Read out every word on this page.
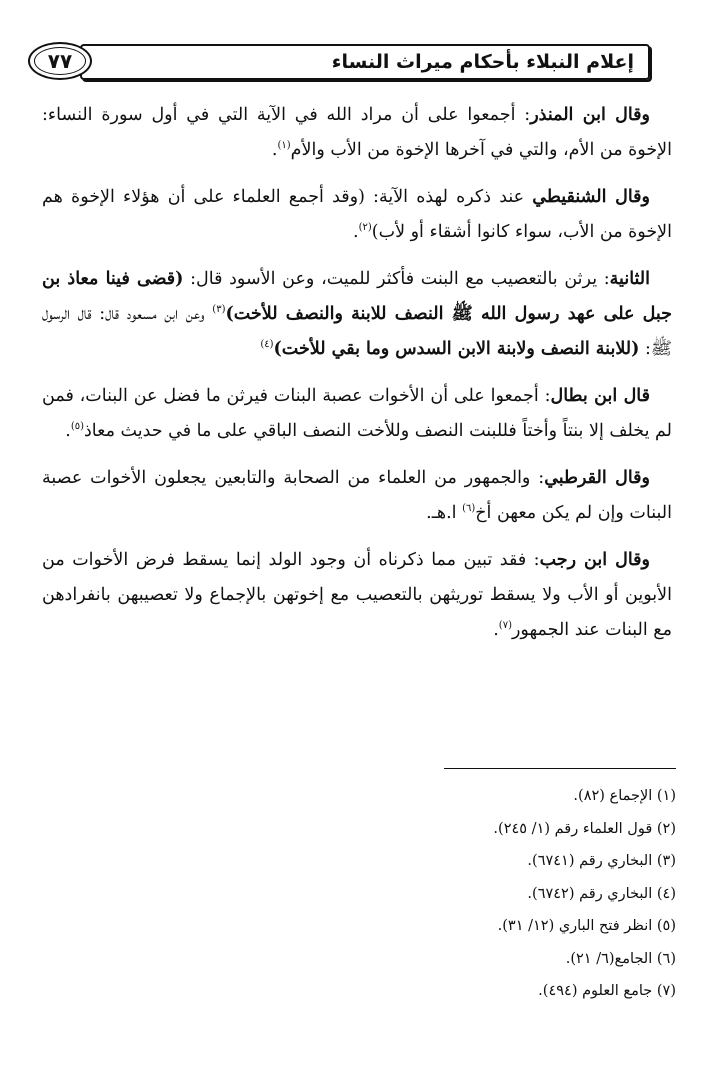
إعلام النبلاء بأحكام ميراث النساء
٧٧

وقال ابن المنذر: أجمعوا على أن مراد الله في الآية التي في أول سورة النساء: الإخوة من الأم، والتي في آخرها الإخوة من الأب والأم$^{(١)}$.

وقال الشنقيطي عند ذكره لهذه الآية: (وقد أجمع العلماء على أن هؤلاء الإخوة هم الإخوة من الأب، سواء كانوا أشقاء أو لأب)$^{(٢)}$.

الثانية: يرثن بالتعصيب مع البنت فأكثر للميت، وعن الأسود قال: (قضى فينا معاذ بن جبل على عهد رسول الله ﷺ النصف للابنة والنصف للأخت)$^{(٣)}$ وعن ابن مسعود قال: قال الرسول ﷺ: (للابنة النصف ولابنة الابن السدس وما بقي للأخت)$^{(٤)}$

قال ابن بطال: أجمعوا على أن الأخوات عصبة البنات فيرثن ما فضل عن البنات، فمن لم يخلف إلا بنتاً وأختاً فللبنت النصف وللأخت النصف الباقي على ما في حديث معاذ$^{(٥)}$.

وقال القرطبي: والجمهور من العلماء من الصحابة والتابعين يجعلون الأخوات عصبة البنات وإن لم يكن معهن أخ$^{(٦)}$ ا.هـ.

وقال ابن رجب: فقد تبين مما ذكرناه أن وجود الولد إنما يسقط فرض الأخوات من الأبوين أو الأب ولا يسقط توريثهن بالتعصيب مع إخوتهن بالإجماع ولا تعصيبهن بانفرادهن مع البنات عند الجمهور$^{(٧)}$.

(١) الإجماع (٨٢).
(٢) قول العلماء رقم (١/ ٢٤٥).
(٣) البخاري رقم (٦٧٤١).
(٤) البخاري رقم (٦٧٤٢).
(٥) انظر فتح الباري (١٢/ ٣١).
(٦) الجامع(٦/ ٢١).
(٧) جامع العلوم (٤٩٤).
